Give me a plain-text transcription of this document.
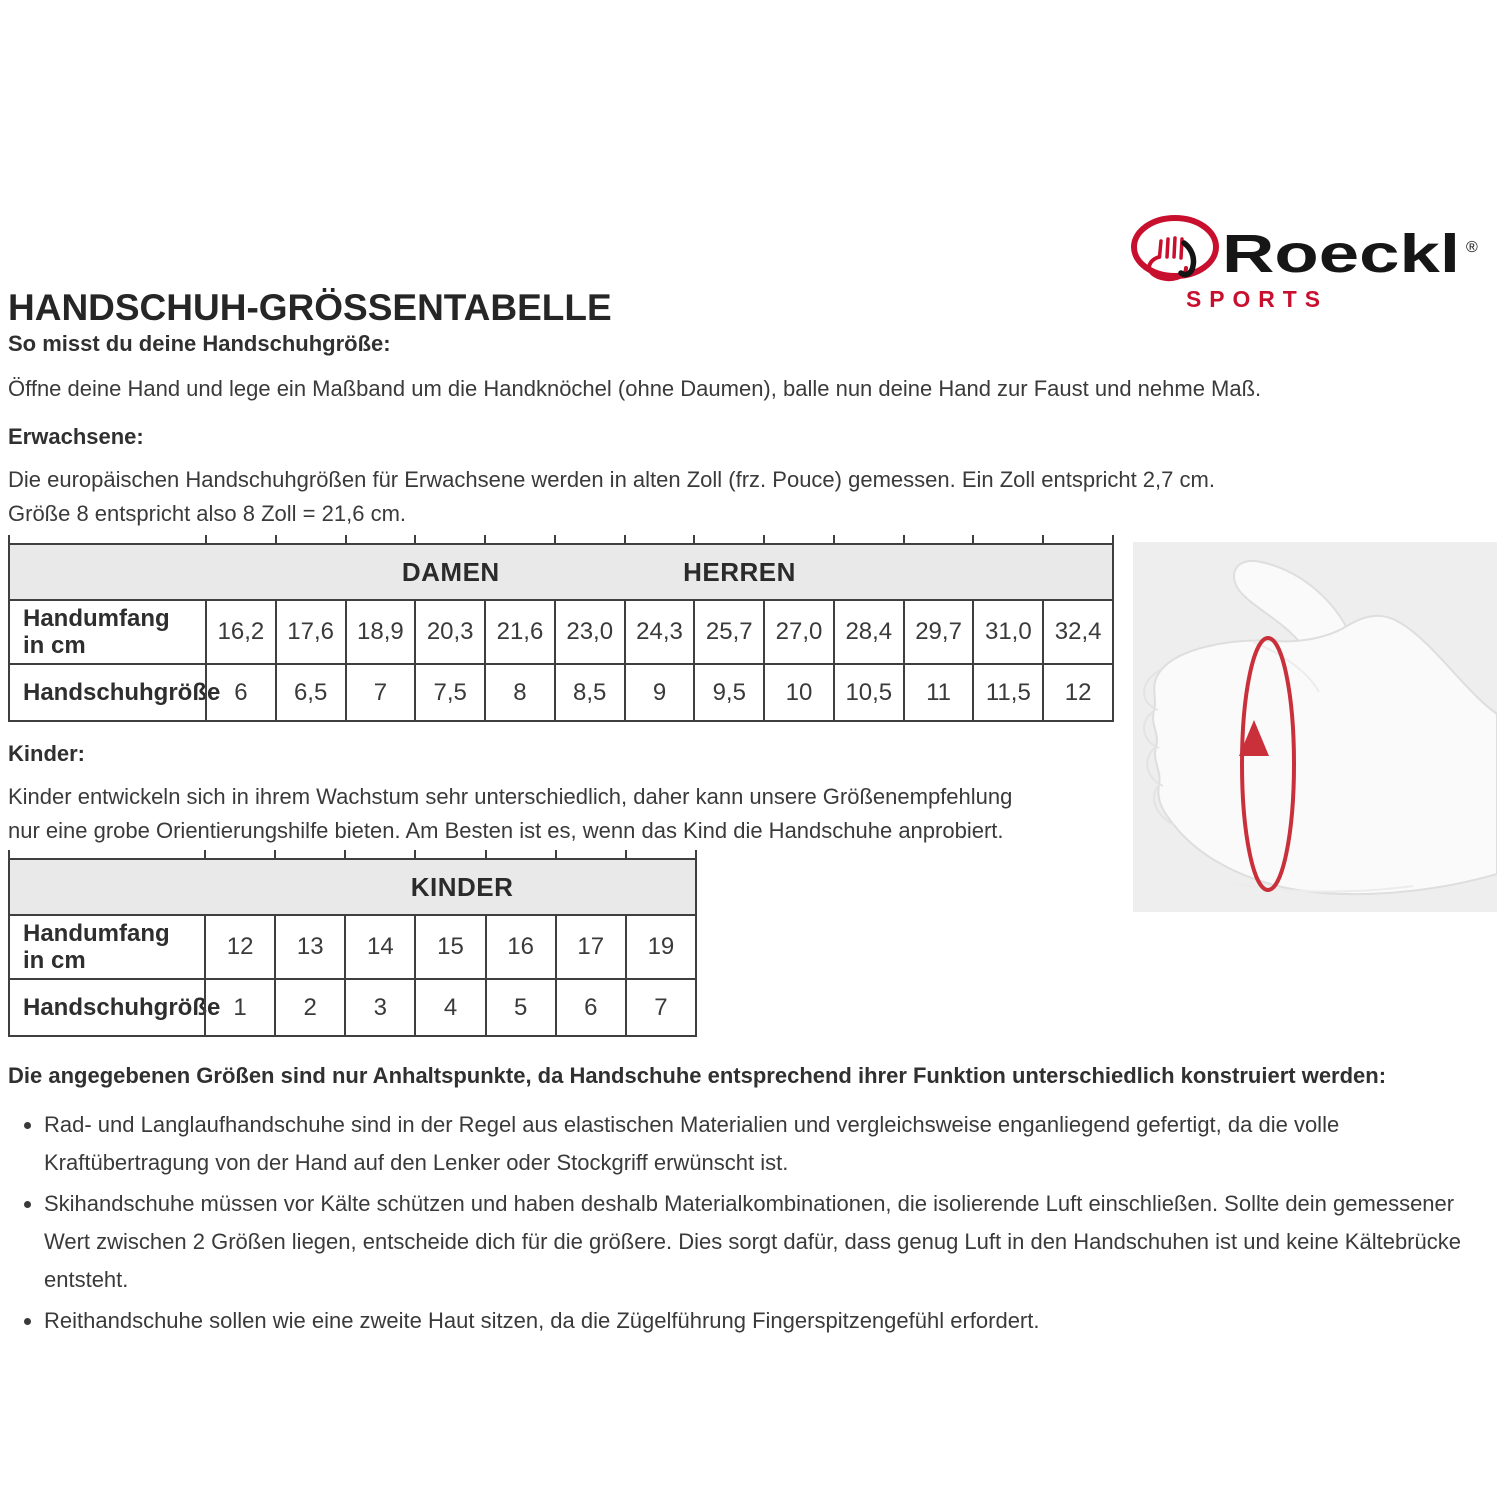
HANDSCHUH-GRÖSSENTABELLE
Roeckl ®
SPORTS
So misst du deine Handschuhgröße:

Öffne deine Hand und lege ein Maßband um die Handknöchel (ohne Daumen), balle nun deine Hand zur Faust und nehme Maß.

Erwachsene:

Die europäischen Handschuhgrößen für Erwachsene werden in alten Zoll (frz. Pouce) gemessen. Ein Zoll entspricht 2,7 cm.

Größe 8 entspricht also 8 Zoll = 21,6 cm.

DAMEN	HERREN
Handumfang
in cm
16,2 17,6 18,9 20,3 21,6 23,0 24,3 25,7 27,0 28,4 29,7 31,0 32,4
Handschuhgröße 6	6,5	7	7,5	8	8,5	9	9,5	10	10,5	11	11,5	12
Kinder:

Kinder entwickeln sich in ihrem Wachstum sehr unterschiedlich, daher kann unsere Größenempfehlung

nur eine grobe Orientierungshilfe bieten. Am Besten ist es, wenn das Kind die Handschuhe anprobiert.

KINDER
Handumfang
in cm
12	13	14	15	16	17	19
Handschuhgröße 1	2	3	4	5	6	7
Die angegebenen Größen sind nur Anhaltspunkte, da Handschuhe entsprechend ihrer Funktion unterschiedlich konstruiert werden:
• Rad- und Langlaufhandschuhe sind in der Regel aus elastischen Materialien und vergleichsweise enganliegend gefertigt, da die volle Kraftübertragung von der Hand auf den Lenker oder Stockgriff erwünscht ist.
• Skihandschuhe müssen vor Kälte schützen und haben deshalb Materialkombinationen, die isolierende Luft einschließen. Sollte dein gemessener Wert zwischen 2 Größen liegen, entscheide dich für die größere. Dies sorgt dafür, dass genug Luft in den Handschuhen ist und keine Kältebrücke entsteht.
• Reithandschuhe sollen wie eine zweite Haut sitzen, da die Zügelführung Fingerspitzengefühl erfordert.
